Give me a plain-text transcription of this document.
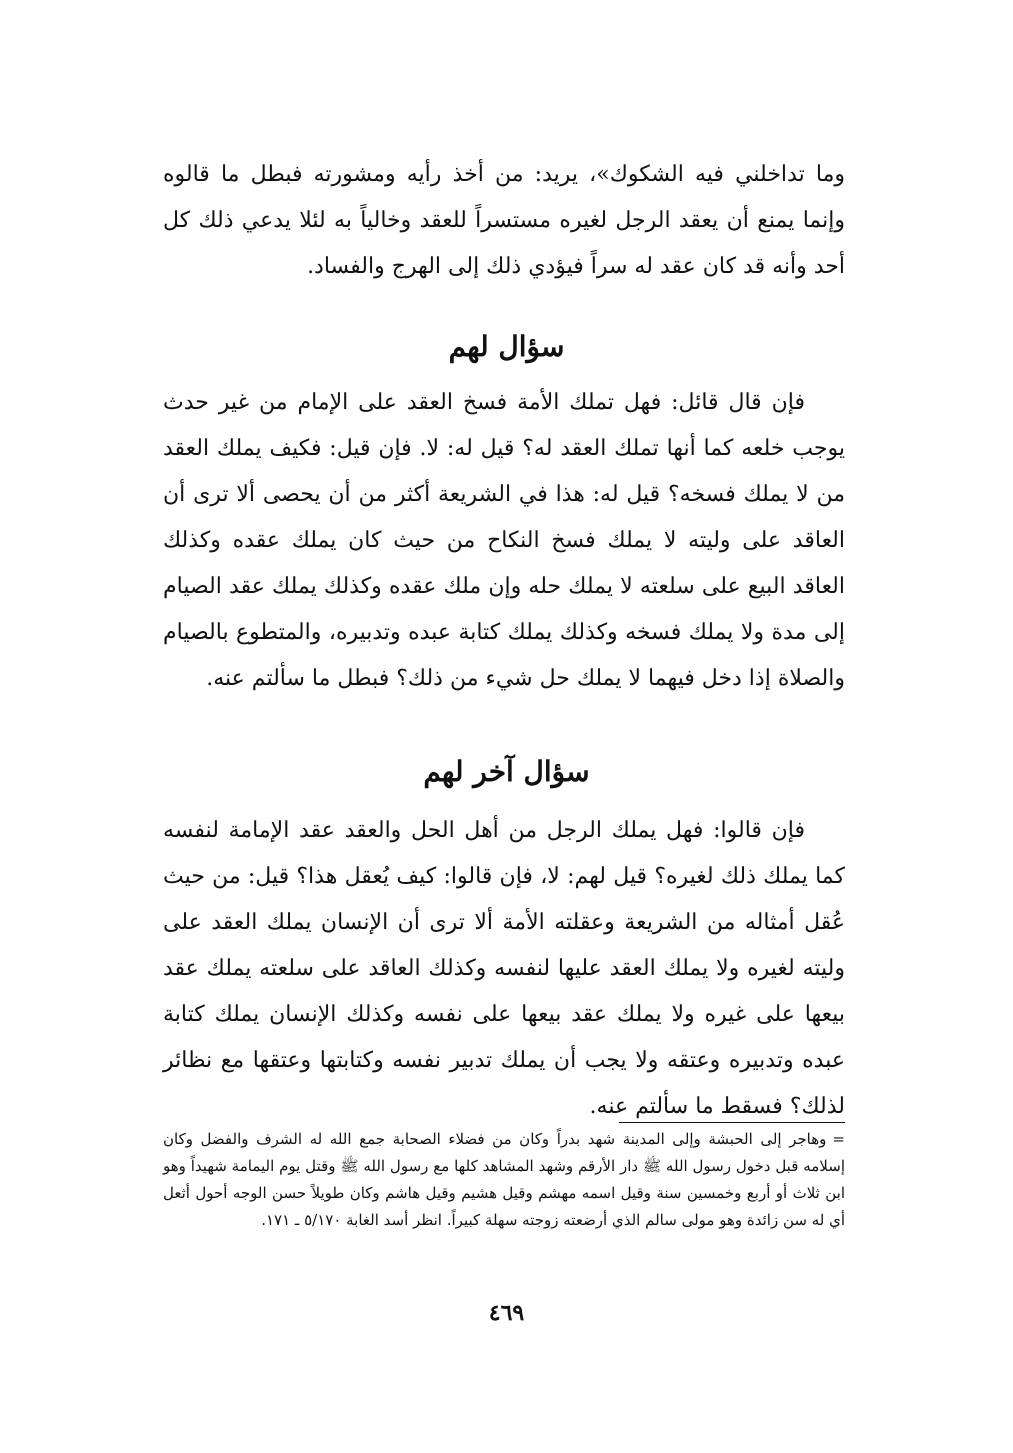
وما تداخلني فيه الشكوك»، يريد: من أخذ رأيه ومشورته فبطل ما قالوه وإنما يمنع أن يعقد الرجل لغيره مستسراً للعقد وخالياً به لئلا يدعي ذلك كل أحد وأنه قد كان عقد له سراً فيؤدي ذلك إلى الهرج والفساد.

سؤال لهم

فإن قال قائل: فهل تملك الأمة فسخ العقد على الإمام من غير حدث يوجب خلعه كما أنها تملك العقد له؟ قيل له: لا. فإن قيل: فكيف يملك العقد من لا يملك فسخه؟ قيل له: هذا في الشريعة أكثر من أن يحصى ألا ترى أن العاقد على وليته لا يملك فسخ النكاح من حيث كان يملك عقده وكذلك العاقد البيع على سلعته لا يملك حله وإن ملك عقده وكذلك يملك عقد الصيام إلى مدة ولا يملك فسخه وكذلك يملك كتابة عبده وتدبيره، والمتطوع بالصيام والصلاة إذا دخل فيهما لا يملك حل شيء من ذلك؟ فبطل ما سألتم عنه.

سؤال آخر لهم

فإن قالوا: فهل يملك الرجل من أهل الحل والعقد عقد الإمامة لنفسه كما يملك ذلك لغيره؟ قيل لهم: لا، فإن قالوا: كيف يُعقل هذا؟ قيل: من حيث عُقل أمثاله من الشريعة وعقلته الأمة ألا ترى أن الإنسان يملك العقد على وليته لغيره ولا يملك العقد عليها لنفسه وكذلك العاقد على سلعته يملك عقد بيعها على غيره ولا يملك عقد بيعها على نفسه وكذلك الإنسان يملك كتابة عبده وتدبيره وعتقه ولا يجب أن يملك تدبير نفسه وكتابتها وعتقها مع نظائر لذلك؟ فسقط ما سألتم عنه.

=وهاجر إلى الحبشة وإلى المدينة شهد بدراً وكان من فضلاء الصحابة جمع الله له الشرف والفضل وكان إسلامه قبل دخول رسول الله ﷺ دار الأرقم وشهد المشاهد كلها مع رسول الله ﷺ وقتل يوم اليمامة شهيداً وهو ابن ثلاث أو أربع وخمسين سنة وقيل اسمه مهشم وقيل هشيم وقيل هاشم وكان طويلاً حسن الوجه أحول أثعل أي له سن زائدة وهو مولى سالم الذي أرضعته زوجته سهلة كبيراً. انظر أسد الغابة ٥/١٧٠ ـ ١٧١.

٤٦٩
